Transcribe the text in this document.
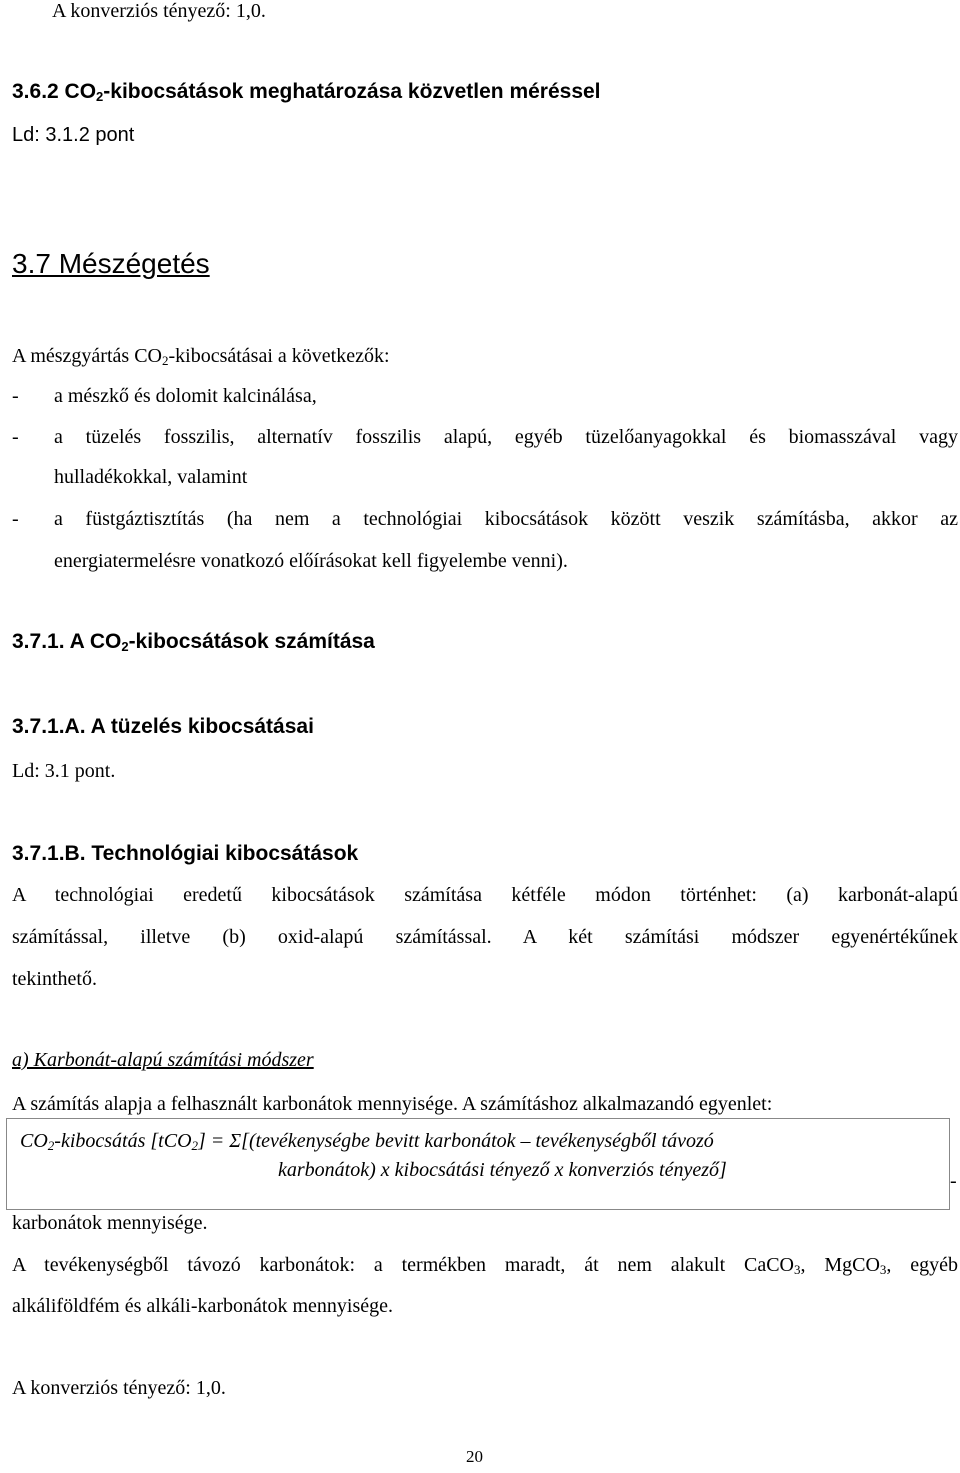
A konverziós tényező: 1,0.
3.6.2 $CO_2$-kibocsátások meghatározása közvetlen méréssel
Ld: 3.1.2 pont
3.7 Mészégetés
A mészgyártás $CO_2$-kibocsátásai a következők:
- a mészkő és dolomit kalcinálása,
- a tüzelés fosszilis, alternatív fosszilis alapú, egyéb tüzelőanyagokkal és biomasszával vagy
hulladékokkal, valamint
- a füstgáztisztítás (ha nem a technológiai kibocsátások között veszik számításba, akkor az
energiatermelésre vonatkozó előírásokat kell figyelembe venni).
3.7.1. A $CO_2$-kibocsátások számítása
3.7.1.A. A tüzelés kibocsátásai
Ld: 3.1 pont.
3.7.1.B. Technológiai kibocsátások
A technológiai eredetű kibocsátások számítása kétféle módon történhet: (a) karbonát-alapú
számítással, illetve (b) oxid-alapú számítással. A két számítási módszer egyenértékűnek
tekinthető.
a) Karbonát-alapú számítási módszer
A számítás alapja a felhasznált karbonátok mennyisége. A számításhoz alkalmazandó egyenlet:
$CO_2$-kibocsátás [tCO$_2$] = Σ[(tevékenységbe bevitt karbonátok – tevékenységből távozó
karbonátok) x kibocsátási tényező x konverziós tényező]	-
karbonátok mennyisége.
A tevékenységből távozó karbonátok: a termékben maradt, át nem alakult CaCO$_3$, MgCO$_3$, egyéb
alkáliföldfém és alkáli-karbonátok mennyisége.
A konverziós tényező: 1,0.
20
